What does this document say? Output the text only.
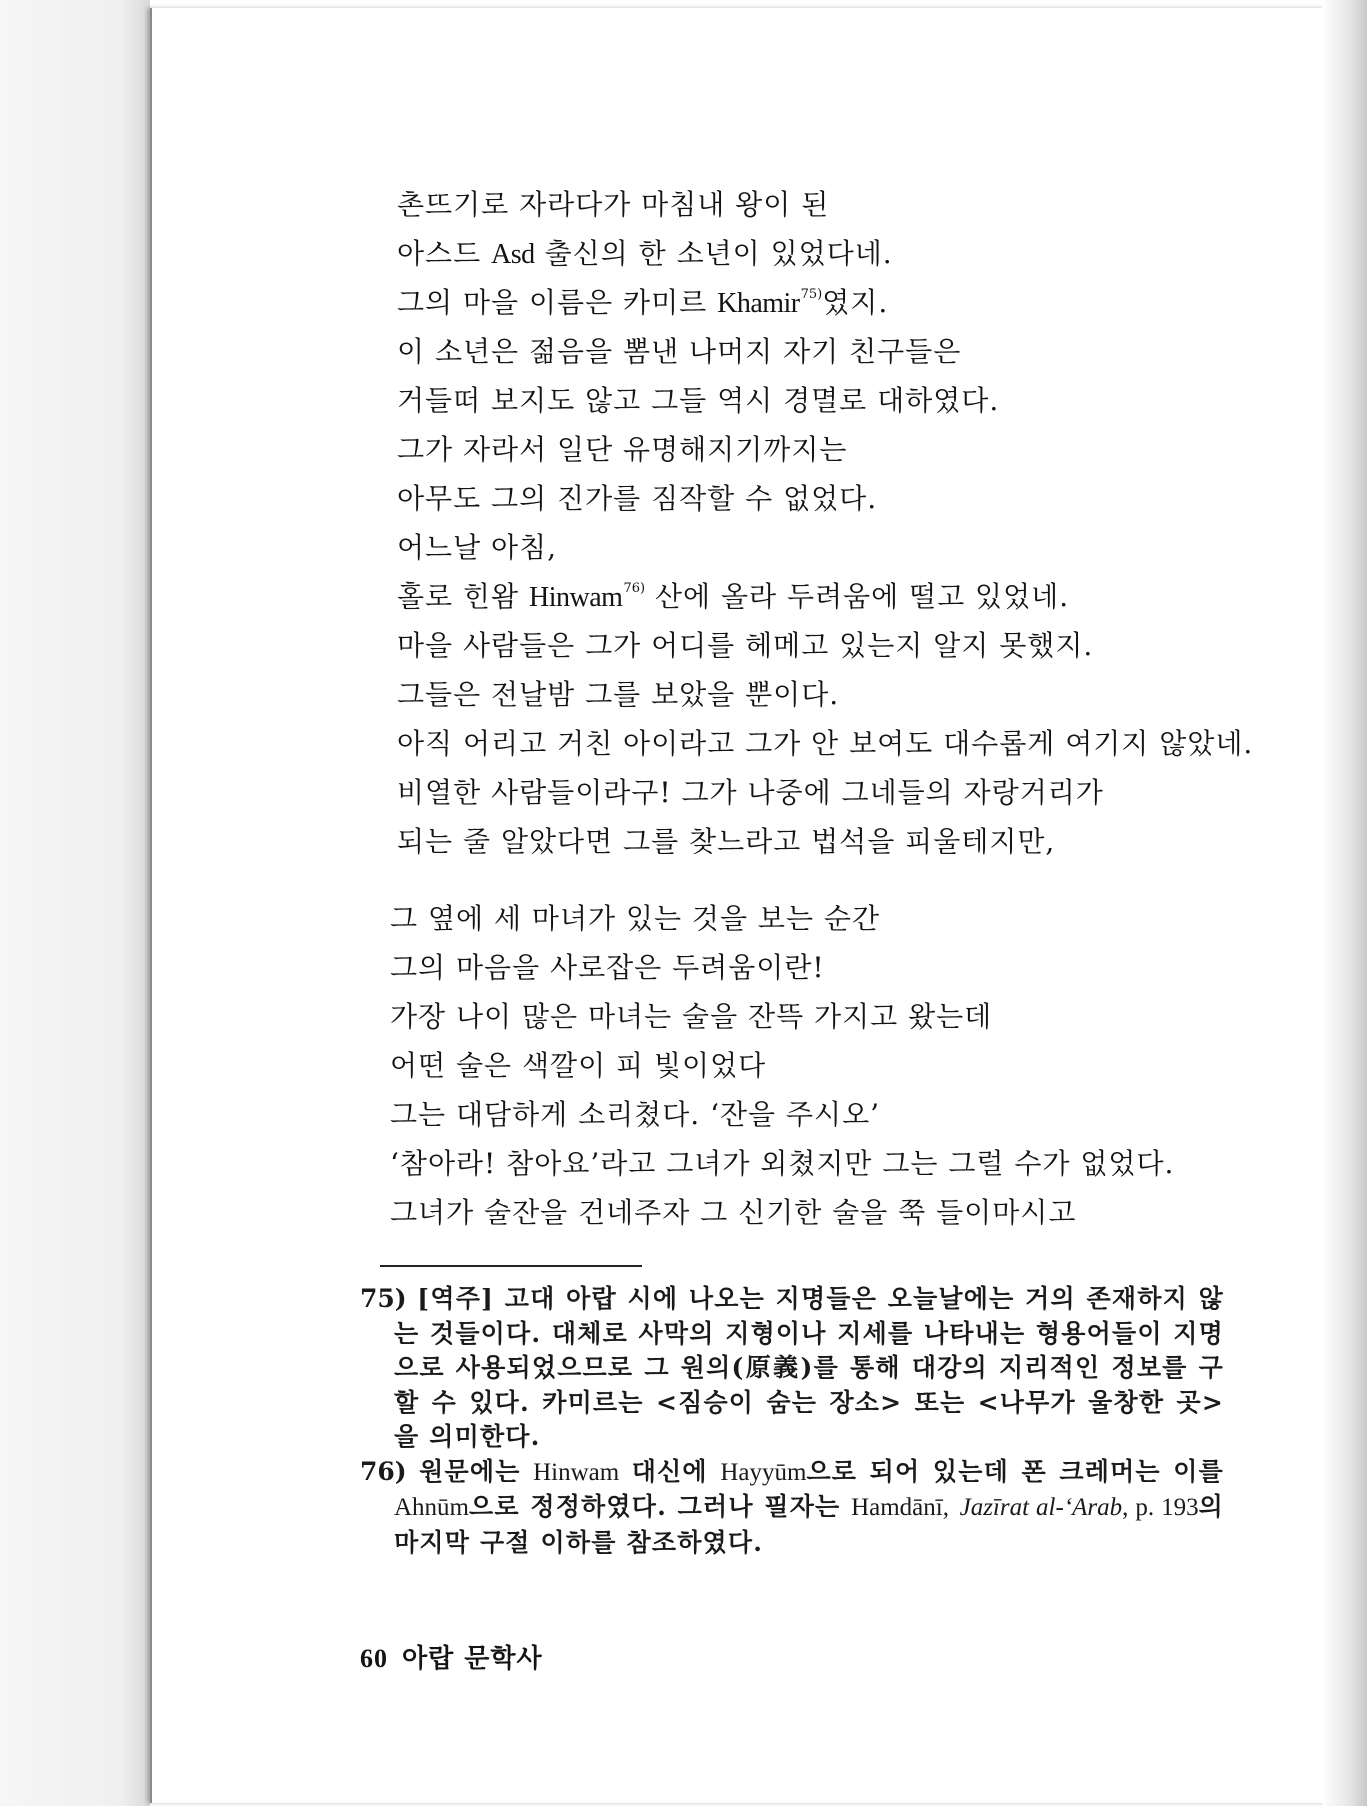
촌뜨기로 자라다가 마침내 왕이 된
아스드 Asd 출신의 한 소년이 있었다네.
그의 마을 이름은 카미르 Khamir$^{75)}$였지.
이 소년은 젊음을 뽐낸 나머지 자기 친구들은
거들떠 보지도 않고 그들 역시 경멸로 대하였다.
그가 자라서 일단 유명해지기까지는
아무도 그의 진가를 짐작할 수 없었다.
어느날 아침,
홀로 힌왐 Hinwam$^{76)}$ 산에 올라 두려움에 떨고 있었네.
마을 사람들은 그가 어디를 헤메고 있는지 알지 못했지.
그들은 전날밤 그를 보았을 뿐이다.
아직 어리고 거친 아이라고 그가 안 보여도 대수롭게 여기지 않았네.
비열한 사람들이라구! 그가 나중에 그네들의 자랑거리가
되는 줄 알았다면 그를 찾느라고 법석을 피울테지만,
그 옆에 세 마녀가 있는 것을 보는 순간
그의 마음을 사로잡은 두려움이란!
가장 나이 많은 마녀는 술을 잔뜩 가지고 왔는데
어떤 술은 색깔이 피 빛이었다
그는 대담하게 소리쳤다. ‘잔을 주시오’
‘참아라! 참아요’라고 그녀가 외쳤지만 그는 그럴 수가 없었다.
그녀가 술잔을 건네주자 그 신기한 술을 쭉 들이마시고
75) [역주] 고대 아랍 시에 나오는 지명들은 오늘날에는 거의 존재하지 않는 것들이다. 대체로 사막의 지형이나 지세를 나타내는 형용어들이 지명으로 사용되었으므로 그 원의(原義)를 통해 대강의 지리적인 정보를 구할 수 있다. 카미르는 <짐승이 숨는 장소> 또는 <나무가 울창한 곳>을 의미한다.
76) 원문에는 Hinwam 대신에 Hayyūm으로 되어 있는데 폰 크레머는 이를 Ahnūm으로 정정하였다. 그러나 필자는 Hamdānī, Jazīrat al-‘Arab, p. 193의 마지막 구절 이하를 참조하였다.
60 아랍 문학사
